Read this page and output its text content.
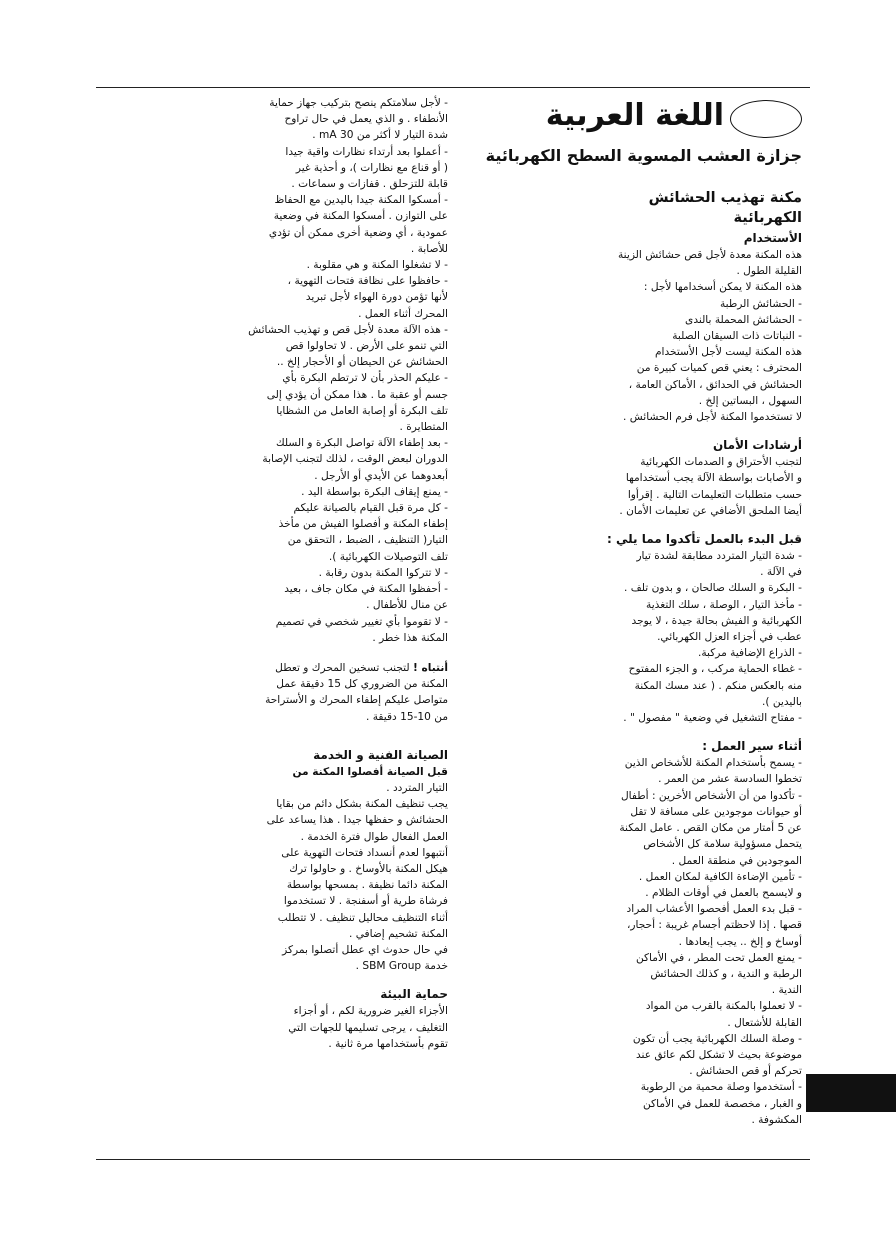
اللغة العربية
مكنة تهذيب الحشائش الكهربائية
الأستخدام

هذه المكنة معدة لأجل قص حشائش الزينة

القليلة الطول .

هذه المكنة لا يمكن أسخدامها لأجل :

- الحشائش الرطبة

- الحشائش المحملة بالندى

- النباتات ذات السيقان الصلبة

هذه المكنة ليست لأجل الأستخدام

المحترف : يعني قص كميات كبيرة من

الحشائش في الحدائق ، الأماكن العامة ،

السهول ، البساتين إلخ .

لا تستخدموا المكنة لأجل فرم الحشائش .

أرشادات الأمان

لتجنب الأحتراق و الصدمات الكهربائية

و الأصابات بواسطة الآلة يجب أستخدامها

حسب متطلبات التعليمات التالية . إقرأوا

أيضا الملحق الأضافي عن تعليمات الأمان .

قبل البدء بالعمل تأكدوا مما يلي :

- شدة التيار المتردد مطابقة لشدة تيار

في الآلة .

- البكرة و السلك صالحان ، و بدون تلف .

- مأخذ التيار ، الوصلة ، سلك التغذية

الكهربائية و الفيش بحالة جيدة ، لا يوجد

عطب في أجزاء العزل الكهربائي.

- الذراع الإضافية مركبة.

- غطاء الحماية مركب ، و الجزء المفتوح

منه بالعكس منكم . ( عند مسك المكنة

باليدين ).

- مفتاح التشغيل في وضعية " مفصول " .

أثناء سير العمل :

- يسمح بأستخدام المكنة للأشخاص الذين

تخطوا السادسة عشر من العمر .

- تأكدوا من أن الأشخاص الأخرين : أطفال

أو حيوانات موجودين على مسافة لا تقل

عن 5 أمتار من مكان القص . عامل المكنة

يتحمل مسؤولية سلامة كل الأشخاص

الموجودين في منطقة العمل .

- تأمين الإضاءة الكافية لمكان العمل .

و لايسمح بالعمل في أوقات الظلام .

- قبل بدء العمل أفحصوا الأعشاب المراد

قصها . إذا لاحظتم أجسام غريبة : أحجار،

أوساخ و إلخ .. يجب إبعادها .

- يمنع العمل تحت المطر ، في الأماكن

الرطبة و الندية ، و كذلك الحشائش

الندية .

- لا تعملوا بالمكنة بالقرب من المواد

القابلة للأشتعال .

- وصلة السلك الكهربائية يجب أن تكون

موضوعة بحيث لا تشكل لكم عائق عند

تحركم أو قص الحشائش .

- أستخدموا وصلة محمية من الرطوبة

و الغبار ، مخصصة للعمل في الأماكن

المكشوفة .

جزازة العشب المسوية السطح الكهربائية

- لأجل سلامتكم ينصح بتركيب جهاز حماية

الأنطفاء . و الذي يعمل في حال تراوح

شدة التيار لا أكثر من 30 mA .

- أعملوا بعد أرتداء نظارات واقية جيدا

( أو قناع مع نظارات )، و أحذية غير

قابلة للتزحلق . قفازات و سماعات .

- أمسكوا المكنة جيدا باليدين مع الحفاظ

على التوازن . أمسكوا المكنة في وضعية

عمودية ، أي وضعية أخرى ممكن أن تؤدي

للأصابة .

- لا تشغلوا المكنة و هي مقلوبة .

- حافظوا على نظافة فتحات التهوية ،

لأنها تؤمن دورة الهواء لأجل تبريد

المحرك أثناء العمل .

- هذه الآلة معدة لأجل قص و تهذيب الحشائش

التي تنمو على الأرض . لا تحاولوا قص

الحشائش عن الحيطان أو الأحجار إلخ ..

- عليكم الحذر بأن لا ترتطم البكرة بأي

جسم أو عقبة ما . هذا ممكن أن يؤدي إلى

تلف البكرة أو إصابة العامل من الشظايا

المتطايرة .

- بعد إطفاء الآلة تواصل البكرة و السلك

الدوران لبعض الوقت ، لذلك لتجنب الإصابة

أبعدوهما عن الأيدي أو الأرجل .

- يمنع إيقاف البكرة بواسطة اليد .

- كل مرة قبل القيام بالصيانة عليكم

إطفاء المكنة و أفصلوا الفيش من مأخذ

التيار( التنظيف ، الضبط ، التحقق من

تلف التوصيلات الكهربائية ).

- لا تتركوا المكنة بدون رقابة .

- أحفظوا المكنة في مكان جاف ، بعيد

عن منال للأطفال .

- لا تقوموا بأي تغيير شخصي في تصميم

المكنة هذا خطر .

أنتباه ! لتجنب تسخين المحرك و تعطل

المكنة من الضروري كل 15 دقيقة عمل

متواصل عليكم إطفاء المحرك و الأستراحة

من 10-15 دقيقة .

الصيانة الفنية و الخدمة

قبل الصيانة أفصلوا المكنة من

التيار المتردد .

يجب تنظيف المكنة بشكل دائم من بقايا

الحشائش و حفظها جيدا . هذا يساعد على

العمل الفعال طوال فترة الخدمة .

أنتبهوا لعدم أنسداد فتحات التهوية على

هيكل المكنة بالأوساخ . و حاولوا ترك

المكنة دائما نظيفة . بمسحها بواسطة

فرشاة طرية أو أسفنجة . لا تستخدموا

أثناء التنظيف محاليل تنظيف . لا تتطلب

المكنة تشحيم إضافي .

في حال حدوث اي عطل أتصلوا بمركز

خدمة SBM Group .

حماية البيئة

الأجزاء الغير ضرورية لكم ، أو أجزاء

التغليف ، يرجى تسليمها للجهات التي

تقوم بأستخدامها مرة ثانية .
